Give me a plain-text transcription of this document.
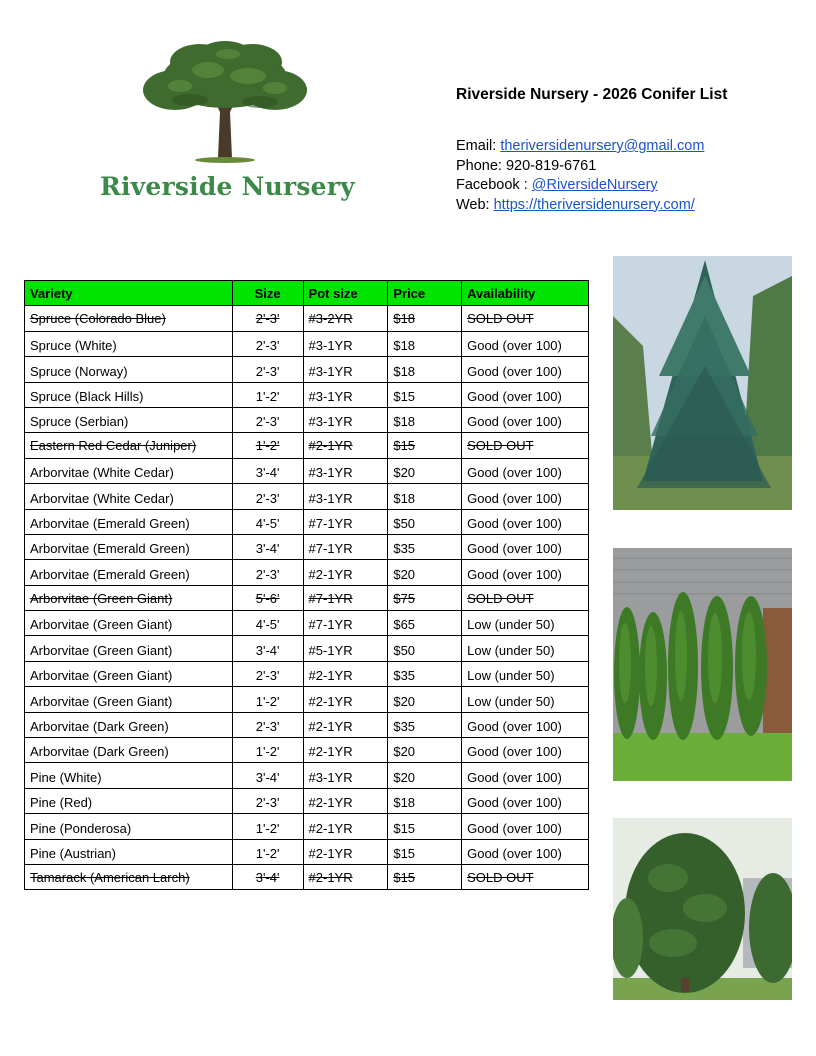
Riverside Nursery
Riverside Nursery - 2026 Conifer List
Email: theriversidenursery@gmail.com
Phone: 920-819-6761
Facebook : @RiversideNursery
Web: https://theriversidenursery.com/
Variety	Size	Pot size	Price	Availability
Spruce (Colorado Blue)	2'-3'	#3-2YR	$18	SOLD OUT
Spruce (White)	2'-3'	#3-1YR	$18	Good (over 100)
Spruce (Norway)	2'-3'	#3-1YR	$18	Good (over 100)
Spruce (Black Hills)	1'-2'	#3-1YR	$15	Good (over 100)
Spruce (Serbian)	2'-3'	#3-1YR	$18	Good (over 100)
Eastern Red Cedar (Juniper)	1'-2'	#2-1YR	$15	SOLD OUT
Arborvitae (White Cedar)	3'-4'	#3-1YR	$20	Good (over 100)
Arborvitae (White Cedar)	2'-3'	#3-1YR	$18	Good (over 100)
Arborvitae (Emerald Green)	4'-5'	#7-1YR	$50	Good (over 100)
Arborvitae (Emerald Green)	3'-4'	#7-1YR	$35	Good (over 100)
Arborvitae (Emerald Green)	2'-3'	#2-1YR	$20	Good (over 100)
Arborvitae (Green Giant)	5'-6'	#7-1YR	$75	SOLD OUT
Arborvitae (Green Giant)	4'-5'	#7-1YR	$65	Low (under 50)
Arborvitae (Green Giant)	3'-4'	#5-1YR	$50	Low (under 50)
Arborvitae (Green Giant)	2'-3'	#2-1YR	$35	Low (under 50)
Arborvitae (Green Giant)	1'-2'	#2-1YR	$20	Low (under 50)
Arborvitae (Dark Green)	2'-3'	#2-1YR	$35	Good (over 100)
Arborvitae (Dark Green)	1'-2'	#2-1YR	$20	Good (over 100)
Pine (White)	3'-4'	#3-1YR	$20	Good (over 100)
Pine (Red)	2'-3'	#2-1YR	$18	Good (over 100)
Pine (Ponderosa)	1'-2'	#2-1YR	$15	Good (over 100)
Pine (Austrian)	1'-2'	#2-1YR	$15	Good (over 100)
Tamarack (American Larch)	3'-4'	#2-1YR	$15	SOLD OUT
